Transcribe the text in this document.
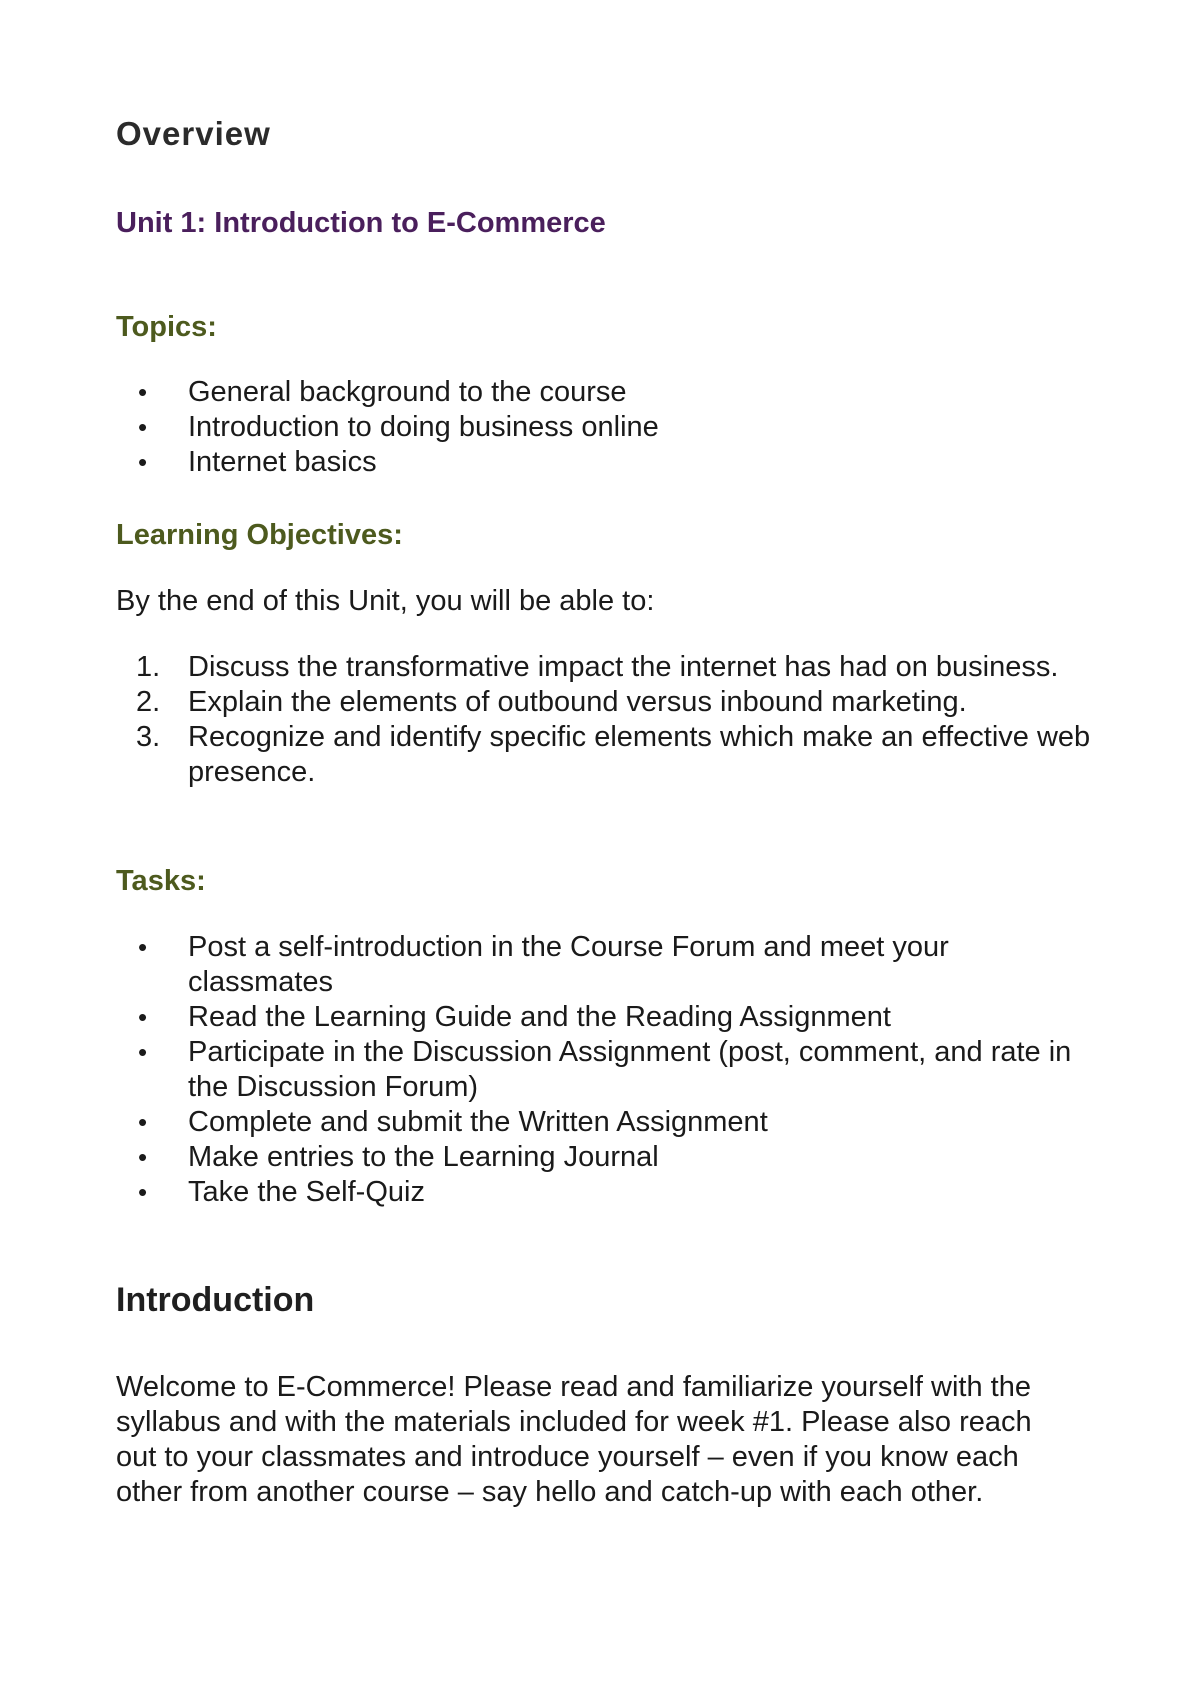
Overview
Unit 1: Introduction to E-Commerce
Topics:
• General background to the course
• Introduction to doing business online
• Internet basics
Learning Objectives:

By the end of this Unit, you will be able to:

1. Discuss the transformative impact the internet has had on business.
2. Explain the elements of outbound versus inbound marketing.
3. Recognize and identify specific elements which make an effective web presence.
Tasks:
• Post a self-introduction in the Course Forum and meet your classmates
• Read the Learning Guide and the Reading Assignment
• Participate in the Discussion Assignment (post, comment, and rate in the Discussion Forum)
• Complete and submit the Written Assignment
• Make entries to the Learning Journal
• Take the Self-Quiz
Introduction

Welcome to E-Commerce! Please read and familiarize yourself with the syllabus and with the materials included for week #1. Please also reach out to your classmates and introduce yourself – even if you know each other from another course – say hello and catch-up with each other.
